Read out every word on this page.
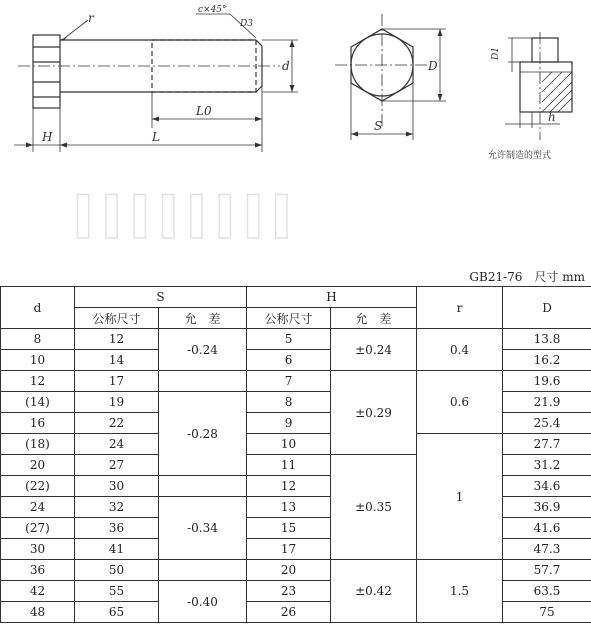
IIIIIIII
r
c×45°
D3
d
L0
H	L
D
S
D1
h
允许制造的型式
GB21-76　尺寸 mm
d	S		H		r	D
	公称尺寸	允　差	公称尺寸	允　差		
8	12	-0.24	5	±0.24	0.4	13.8
10	14		6			16.2
12	17		7	±0.29	0.6	19.6
(14)	19	-0.28	8			21.9
16	22		9			25.4
(18)	24		10		1	27.7
20	27		11	±0.35		31.2
(22)	30		12			34.6
24	32	-0.34	13			36.9
(27)	36		15			41.6
30	41		17			47.3
36	50		20	±0.42	1.5	57.7
42	55	-0.40	23			63.5
48	65		26			75
